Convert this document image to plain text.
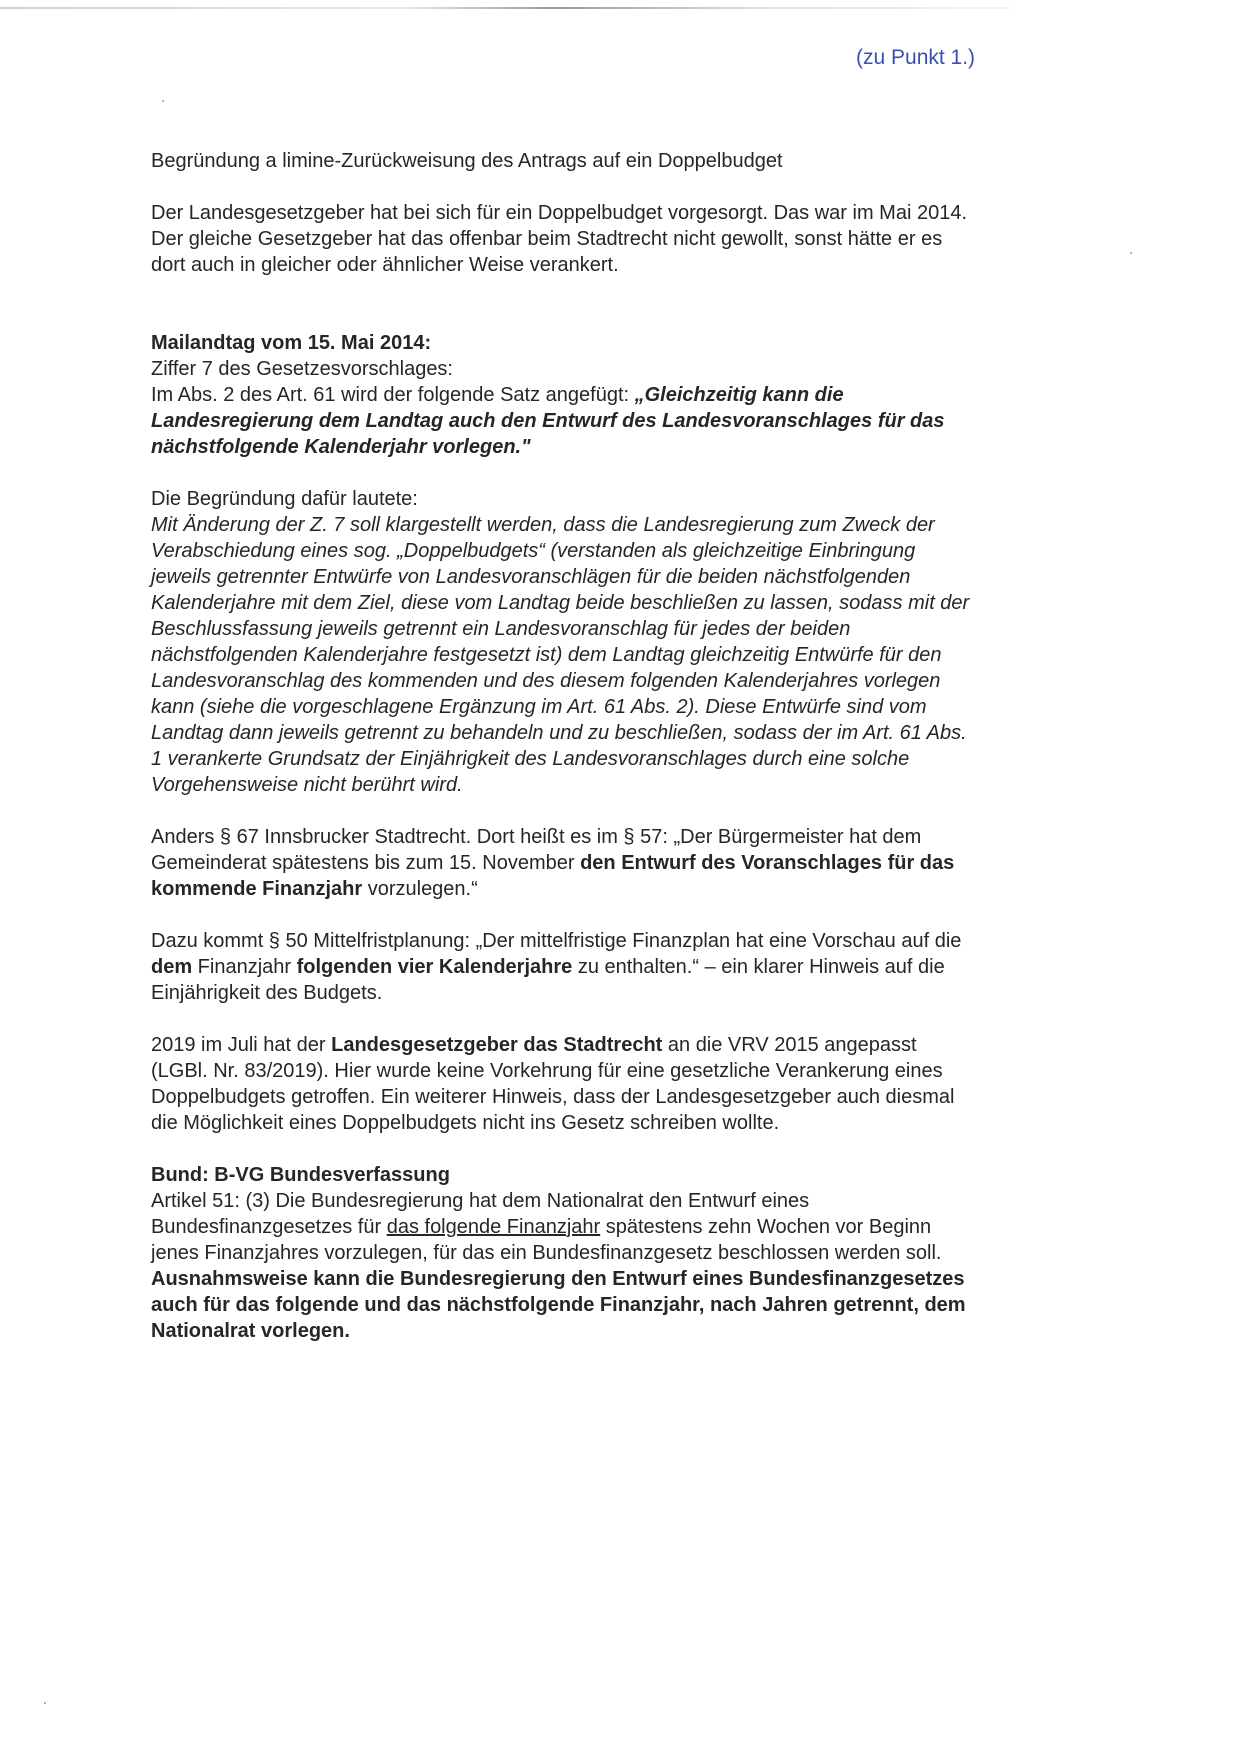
(zu Punkt 1.)
Begründung a limine-Zurückweisung des Antrags auf ein Doppelbudget
Der Landesgesetzgeber hat bei sich für ein Doppelbudget vorgesorgt. Das war im Mai 2014.
Der gleiche Gesetzgeber hat das offenbar beim Stadtrecht nicht gewollt, sonst hätte er es
dort auch in gleicher oder ähnlicher Weise verankert.
Mailandtag vom 15. Mai 2014:
Ziffer 7 des Gesetzesvorschlages:
Im Abs. 2 des Art. 61 wird der folgende Satz angefügt: „Gleichzeitig kann die
Landesregierung dem Landtag auch den Entwurf des Landesvoranschlages für das
nächstfolgende Kalenderjahr vorlegen."
Die Begründung dafür lautete:
Mit Änderung der Z. 7 soll klargestellt werden, dass die Landesregierung zum Zweck der
Verabschiedung eines sog. „Doppelbudgets“ (verstanden als gleichzeitige Einbringung
jeweils getrennter Entwürfe von Landesvoranschlägen für die beiden nächstfolgenden
Kalenderjahre mit dem Ziel, diese vom Landtag beide beschließen zu lassen, sodass mit der
Beschlussfassung jeweils getrennt ein Landesvoranschlag für jedes der beiden
nächstfolgenden Kalenderjahre festgesetzt ist) dem Landtag gleichzeitig Entwürfe für den
Landesvoranschlag des kommenden und des diesem folgenden Kalenderjahres vorlegen
kann (siehe die vorgeschlagene Ergänzung im Art. 61 Abs. 2). Diese Entwürfe sind vom
Landtag dann jeweils getrennt zu behandeln und zu beschließen, sodass der im Art. 61 Abs.
1 verankerte Grundsatz der Einjährigkeit des Landesvoranschlages durch eine solche
Vorgehensweise nicht berührt wird.
Anders § 67 Innsbrucker Stadtrecht. Dort heißt es im § 57: „Der Bürgermeister hat dem
Gemeinderat spätestens bis zum 15. November den Entwurf des Voranschlages für das
kommende Finanzjahr vorzulegen.“
Dazu kommt § 50 Mittelfristplanung: „Der mittelfristige Finanzplan hat eine Vorschau auf die
dem Finanzjahr folgenden vier Kalenderjahre zu enthalten.“ – ein klarer Hinweis auf die
Einjährigkeit des Budgets.
2019 im Juli hat der Landesgesetzgeber das Stadtrecht an die VRV 2015 angepasst
(LGBl. Nr. 83/2019). Hier wurde keine Vorkehrung für eine gesetzliche Verankerung eines
Doppelbudgets getroffen. Ein weiterer Hinweis, dass der Landesgesetzgeber auch diesmal
die Möglichkeit eines Doppelbudgets nicht ins Gesetz schreiben wollte.
Bund: B-VG Bundesverfassung
Artikel 51: (3) Die Bundesregierung hat dem Nationalrat den Entwurf eines
Bundesfinanzgesetzes für das folgende Finanzjahr spätestens zehn Wochen vor Beginn
jenes Finanzjahres vorzulegen, für das ein Bundesfinanzgesetz beschlossen werden soll.
Ausnahmsweise kann die Bundesregierung den Entwurf eines Bundesfinanzgesetzes
auch für das folgende und das nächstfolgende Finanzjahr, nach Jahren getrennt, dem
Nationalrat vorlegen.
